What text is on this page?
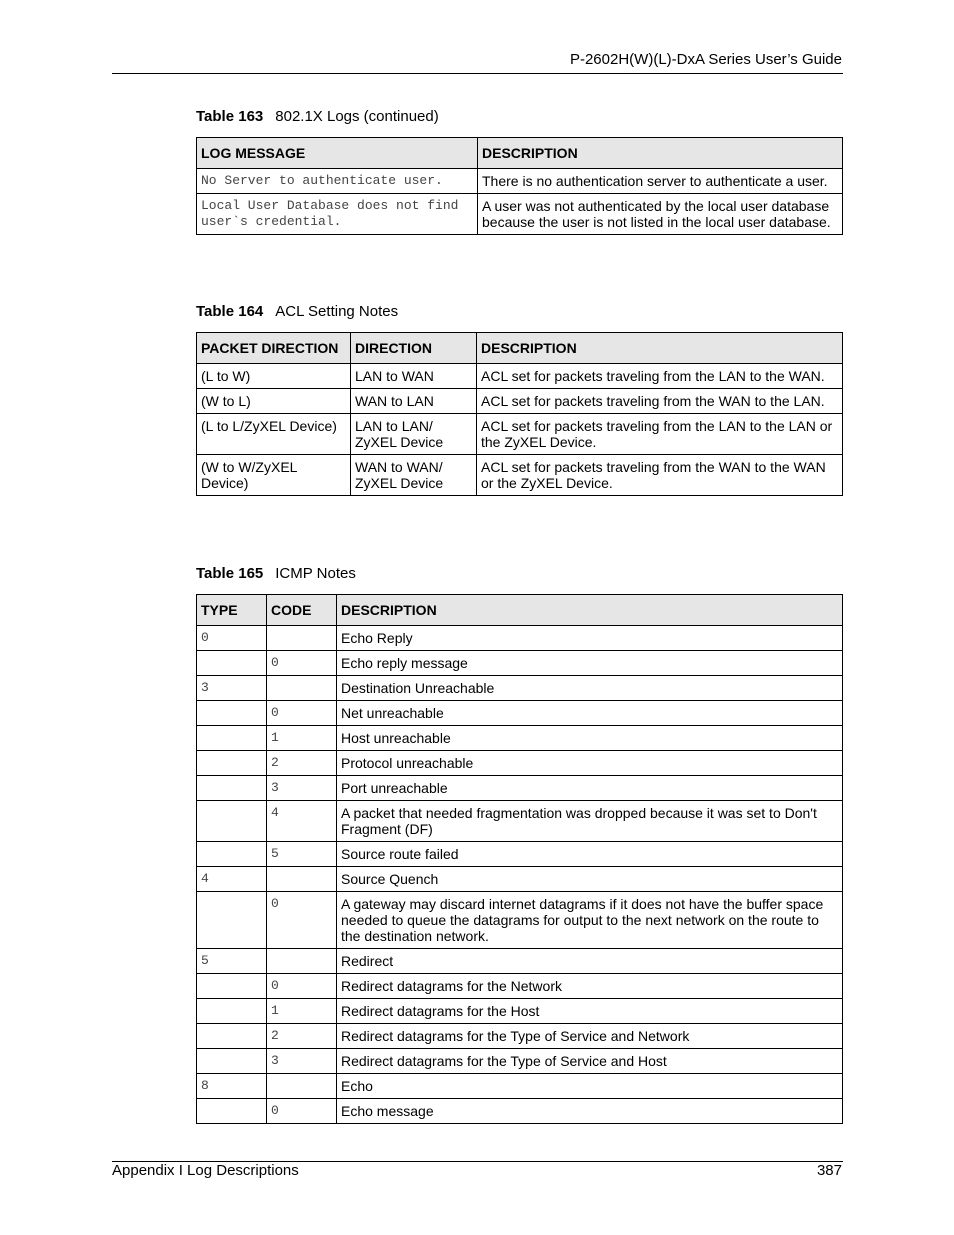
P-2602H(W)(L)-DxA Series User’s Guide
Table 163 802.1X Logs (continued)
LOG MESSAGE	DESCRIPTION
No Server to authenticate user.	There is no authentication server to authenticate a user.
Local User Database does not find user`s credential.	A user was not authenticated by the local user database because the user is not listed in the local user database.
Table 164 ACL Setting Notes
PACKET DIRECTION	DIRECTION	DESCRIPTION
(L to W)	LAN to WAN	ACL set for packets traveling from the LAN to the WAN.
(W to L)	WAN to LAN	ACL set for packets traveling from the WAN to the LAN.
(L to L/ZyXEL Device)	LAN to LAN/ ZyXEL Device	ACL set for packets traveling from the LAN to the LAN or the ZyXEL Device.
(W to W/ZyXEL Device)	WAN to WAN/ ZyXEL Device	ACL set for packets traveling from the WAN to the WAN or the ZyXEL Device.
Table 165 ICMP Notes
TYPE	CODE	DESCRIPTION
0		Echo Reply
	0	Echo reply message
3		Destination Unreachable
	0	Net unreachable
	1	Host unreachable
	2	Protocol unreachable
	3	Port unreachable
	4	A packet that needed fragmentation was dropped because it was set to Don't Fragment (DF)
	5	Source route failed
4		Source Quench
	0	A gateway may discard internet datagrams if it does not have the buffer space needed to queue the datagrams for output to the next network on the route to the destination network.
5		Redirect
	0	Redirect datagrams for the Network
	1	Redirect datagrams for the Host
	2	Redirect datagrams for the Type of Service and Network
	3	Redirect datagrams for the Type of Service and Host
8		Echo
	0	Echo message
Appendix I Log Descriptions	387
